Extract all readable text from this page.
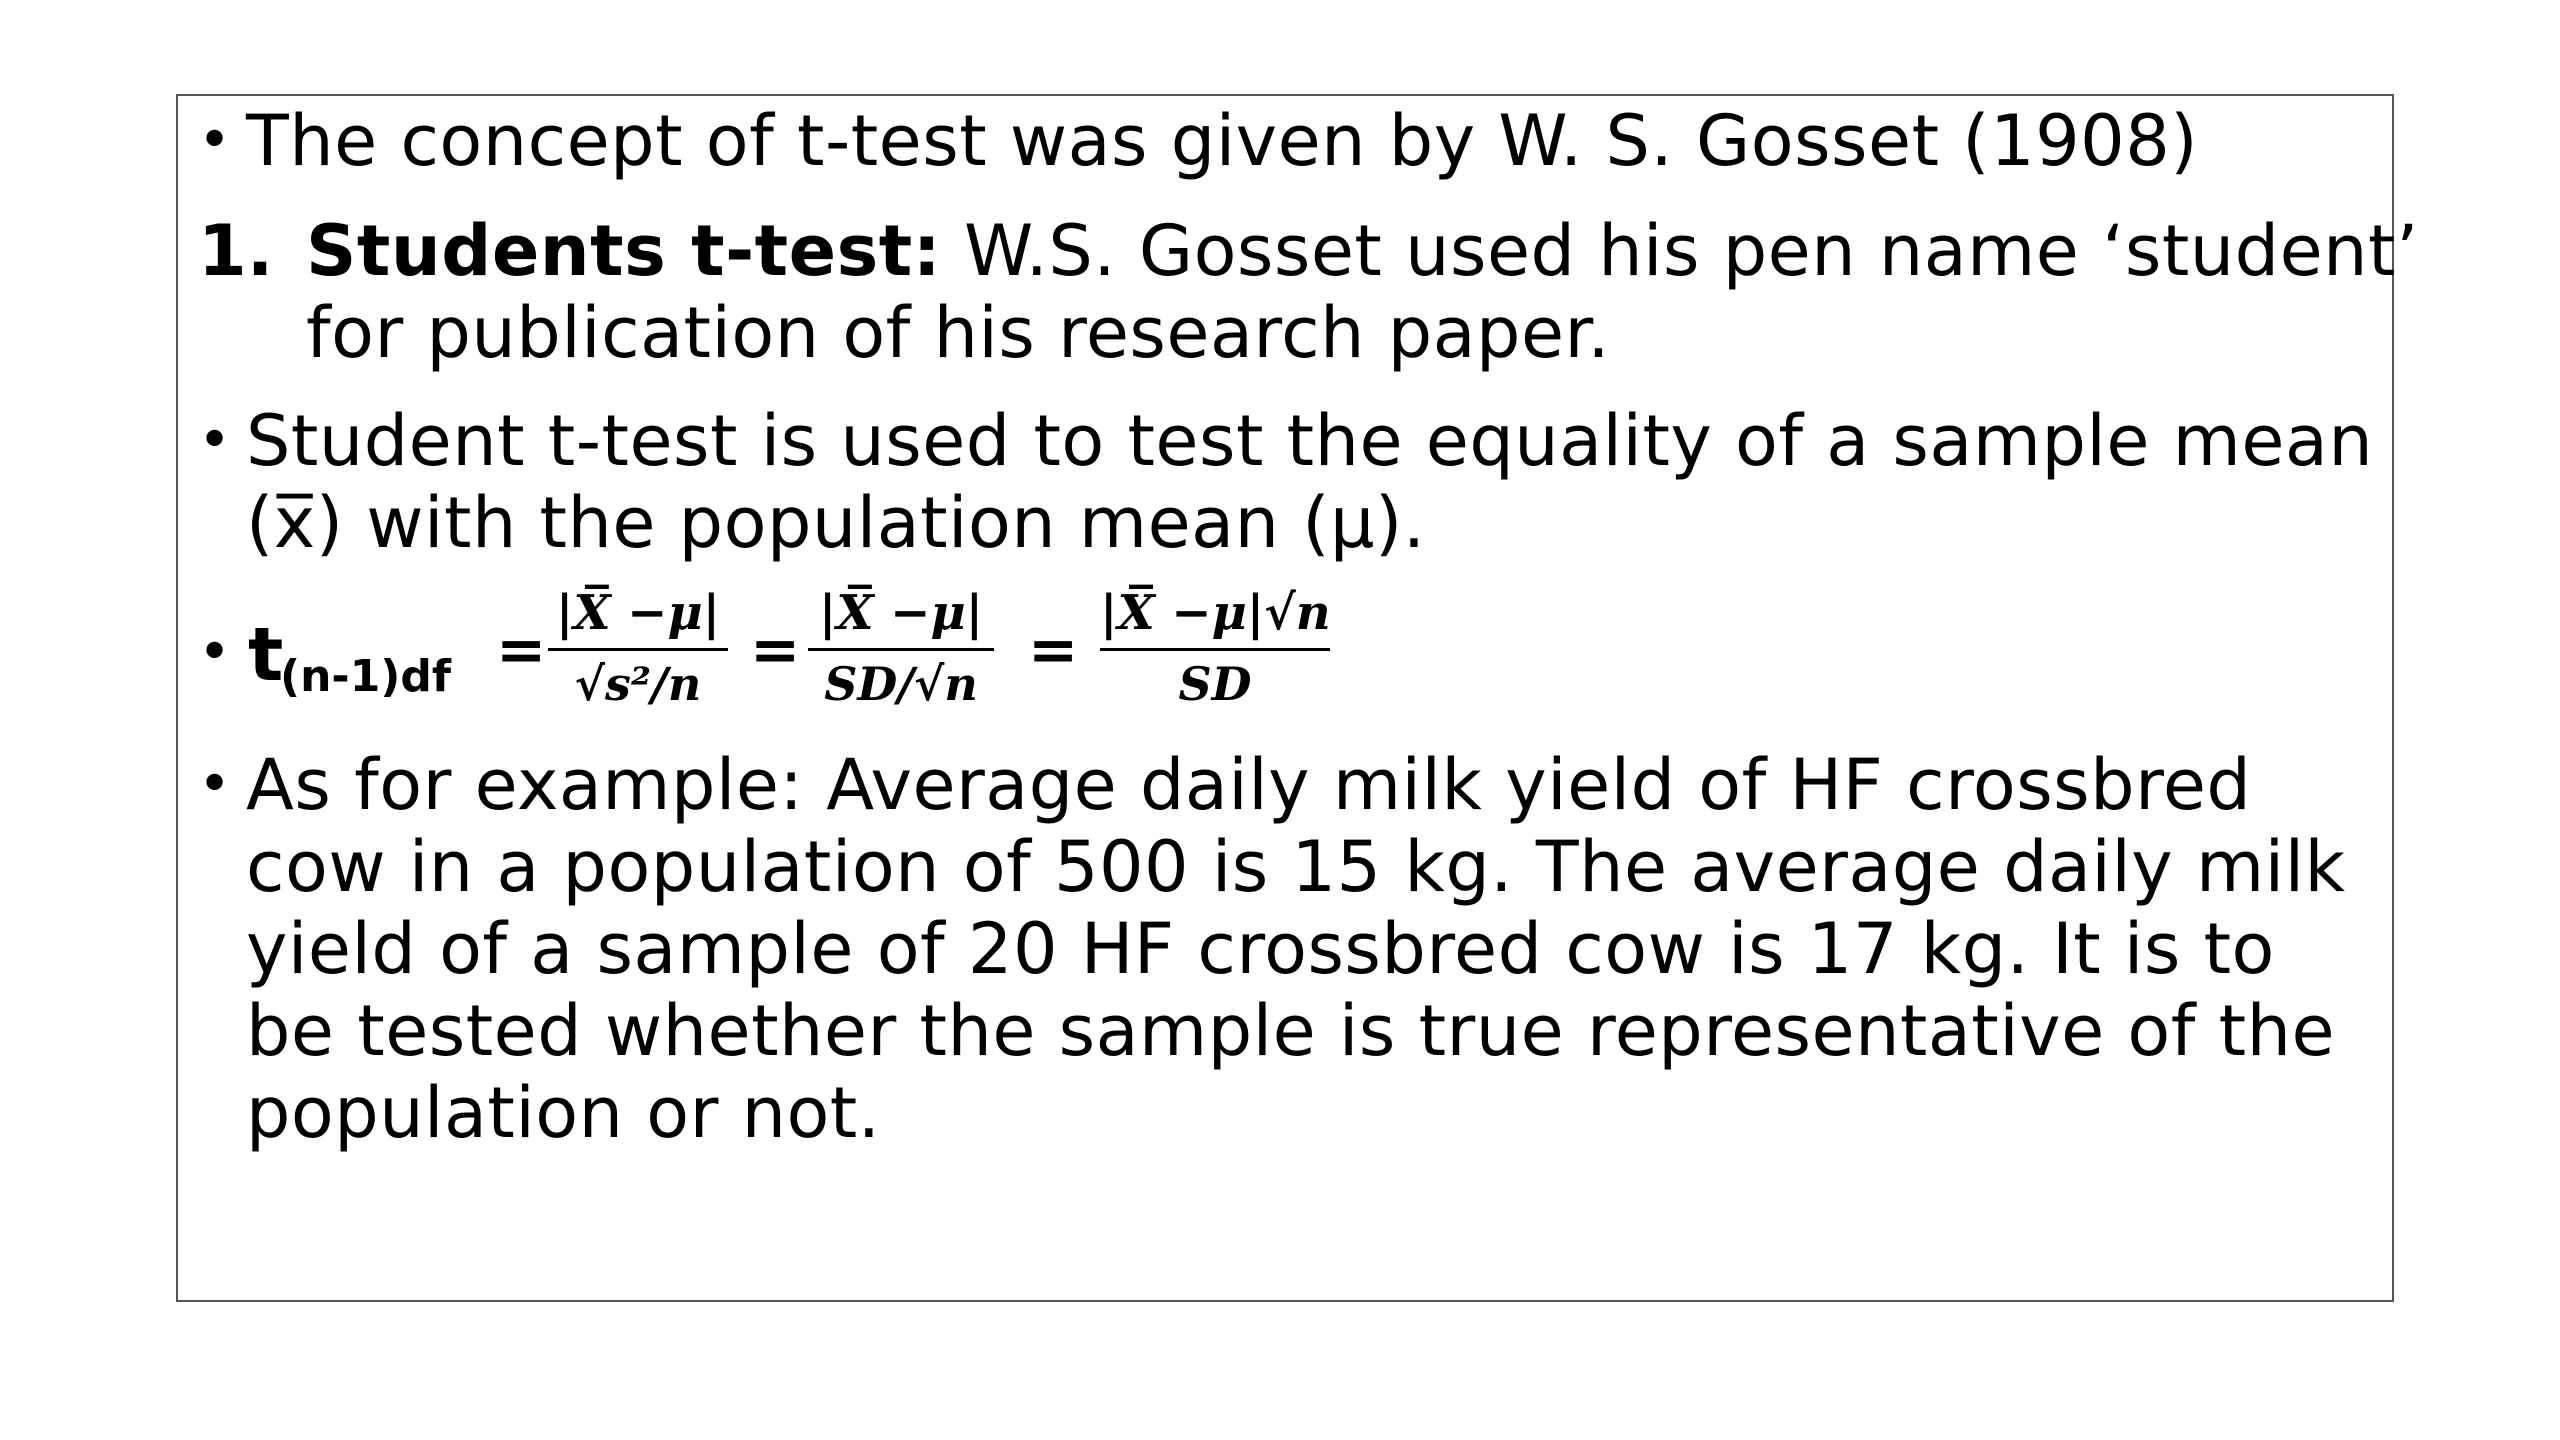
• The concept of t-test was given by W. S. Gosset (1908)
1. Students t-test: W.S. Gosset used his pen name ‘student’
for publication of his research paper.
• Student t-test is used to test the equality of a sample mean
(x̅) with the population mean (μ).
• t
(n-1)df =
|X̅ −μ|
√s²/n =
|X̅ −μ|
SD/√n =
|X̅ −μ|√n
SD
• As for example: Average daily milk yield of HF crossbred
cow in a population of 500 is 15 kg. The average daily milk
yield of a sample of 20 HF crossbred cow is 17 kg. It is to
be tested whether the sample is true representative of the
population or not.
